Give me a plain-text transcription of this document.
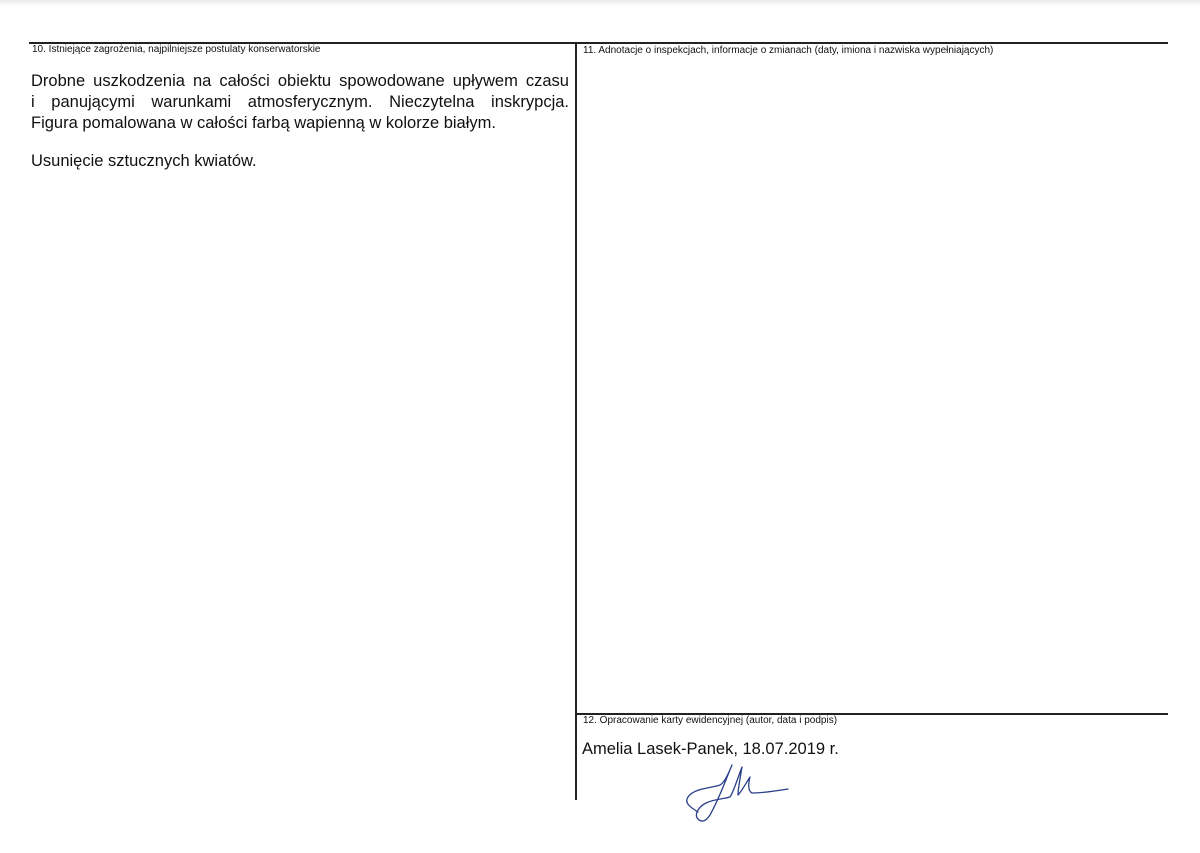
10. Istniejące zagrożenia, najpilniejsze postulaty konserwatorskie

Drobne uszkodzenia na całości obiektu spowodowane upływem czasu

i panującymi warunkami atmosferycznym. Nieczytelna inskrypcja.

Figura pomalowana w całości farbą wapienną w kolorze białym.

Usunięcie sztucznych kwiatów.
11. Adnotacje o inspekcjach, informacje o zmianach (daty, imiona i nazwiska wypełniających)
12. Opracowanie karty ewidencyjnej (autor, data i podpis)
Amelia Lasek-Panek, 18.07.2019 r.
